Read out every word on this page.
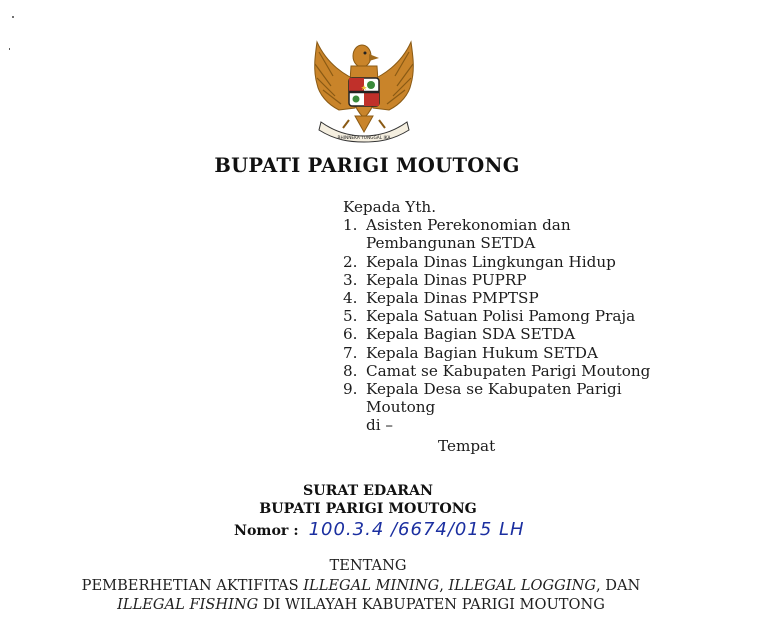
BHINNEKA TUNGGAL IKA
BUPATI PARIGI MOUTONG
Kepada Yth.
1. Asisten Perekonomian dan Pembangunan SETDA
2. Kepala Dinas Lingkungan Hidup
3. Kepala Dinas PUPRP
4. Kepala Dinas PMPTSP
5. Kepala Satuan Polisi Pamong Praja
6. Kepala Bagian SDA SETDA
7. Kepala Bagian Hukum SETDA
8. Camat se Kabupaten Parigi Moutong
9. Kepala Desa se Kabupaten Parigi Moutong
di –
Tempat
SURAT EDARAN
BUPATI PARIGI MOUTONG
Nomor : 100.3.4 /6674/015 LH
TENTANG
PEMBERHETIAN AKTIFITAS ILLEGAL MINING, ILLEGAL LOGGING, DAN
ILLEGAL FISHING DI WILAYAH KABUPATEN PARIGI MOUTONG
